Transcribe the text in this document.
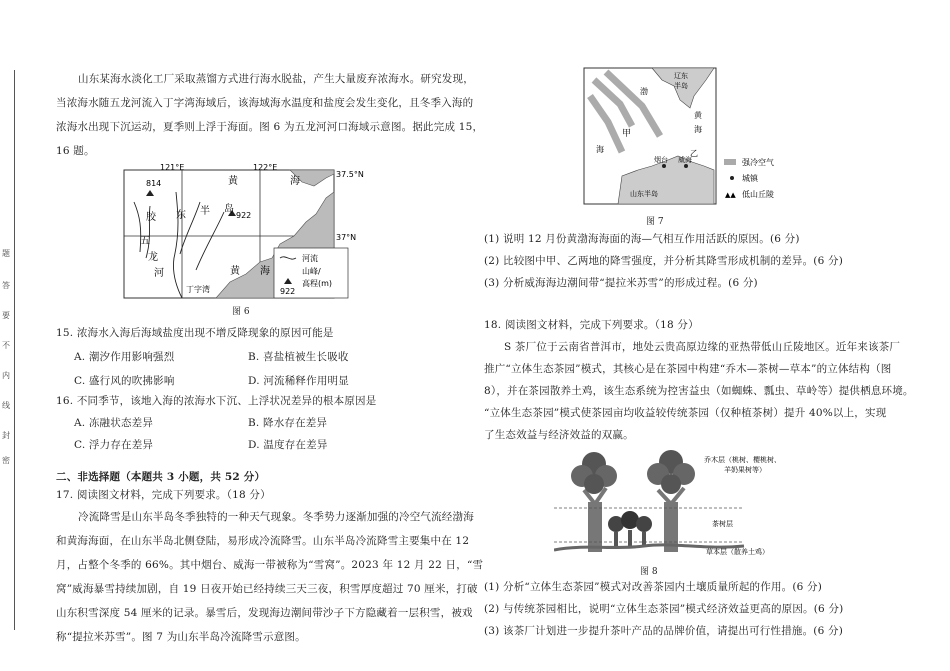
题
答
要
不
内
线
封
密
山东某海水淡化工厂采取蒸馏方式进行海水脱盐，产生大量废弃浓海水。研究发现，
当浓海水随五龙河流入丁字湾海域后，该海域海水温度和盐度会发生变化，且冬季入海的
浓海水出现下沉运动，夏季则上浮于海面。图 6 为五龙河河口海域示意图。据此完成 15，
16 题。
814
922
121°E	122°E
37.5°N
37°N
胶 东 半 岛
黄	海
五
龙
河	黄 海
丁字湾
河流
山峰/
高程(m)
922
图 6
15. 浓海水入海后海域盐度出现不增反降现象的原因可能是
A. 潮汐作用影响强烈	B. 喜盐植被生长吸收
C. 盛行风的吹拂影响	D. 河流稀释作用明显
16. 不同季节，该地入海的浓海水下沉、上浮状况差异的根本原因是
A. 冻融状态差异	B. 降水存在差异
C. 浮力存在差异	D. 温度存在差异
二、非选择题（本题共 3 小题，共 52 分）
17. 阅读图文材料，完成下列要求。（18 分）
冷流降雪是山东半岛冬季独特的一种天气现象。冬季势力逐渐加强的冷空气流经渤海
和黄海海面，在山东半岛北侧登陆，易形成冷流降雪。山东半岛冷流降雪主要集中在 12
月，占整个冬季的 66%。其中烟台、威海一带被称为“雪窝”。2023 年 12 月 22 日，“雪
窝”威海暴雪持续加剧，自 19 日夜开始已经持续三天三夜，积雪厚度超过 70 厘米，打破
山东积雪深度 54 厘米的记录。暴雪后，发现海边潮间带沙子下方隐藏着一层积雪，被戏
称“提拉米苏雪”。图 7 为山东半岛冷流降雪示意图。
渤
海
辽东
半岛
黄
海
甲
乙
烟台 威海
山东半岛
强冷空气
城镇
▲▲ 低山丘陵
图 7
(1) 说明 12 月份黄渤海海面的海—气相互作用活跃的原因。(6 分)
(2) 比较图中甲、乙两地的降雪强度，并分析其降雪形成机制的差异。(6 分)
(3) 分析威海海边潮间带“提拉米苏雪”的形成过程。(6 分)
18. 阅读图文材料，完成下列要求。（18 分）
S 茶厂位于云南省普洱市，地处云贵高原边缘的亚热带低山丘陵地区。近年来该茶厂
推广“立体生态茶园”模式，其核心是在茶园中构建“乔木—茶树—草本”的立体结构（图
8），并在茶园散养土鸡，该生态系统为控害益虫（如蜘蛛、瓢虫、草岭等）提供栖息环境。
“立体生态茶园”模式使茶园亩均收益较传统茶园（仅种植茶树）提升 40%以上，实现
了生态效益与经济效益的双赢。
乔木层（桃树、樱桃树、
羊奶果树等）
茶树层
草本层（散养土鸡）
图 8
(1) 分析“立体生态茶园”模式对改善茶园内土壤质量所起的作用。(6 分)
(2) 与传统茶园相比，说明“立体生态茶园”模式经济效益更高的原因。(6 分)
(3) 该茶厂计划进一步提升茶叶产品的品牌价值，请提出可行性措施。(6 分)
